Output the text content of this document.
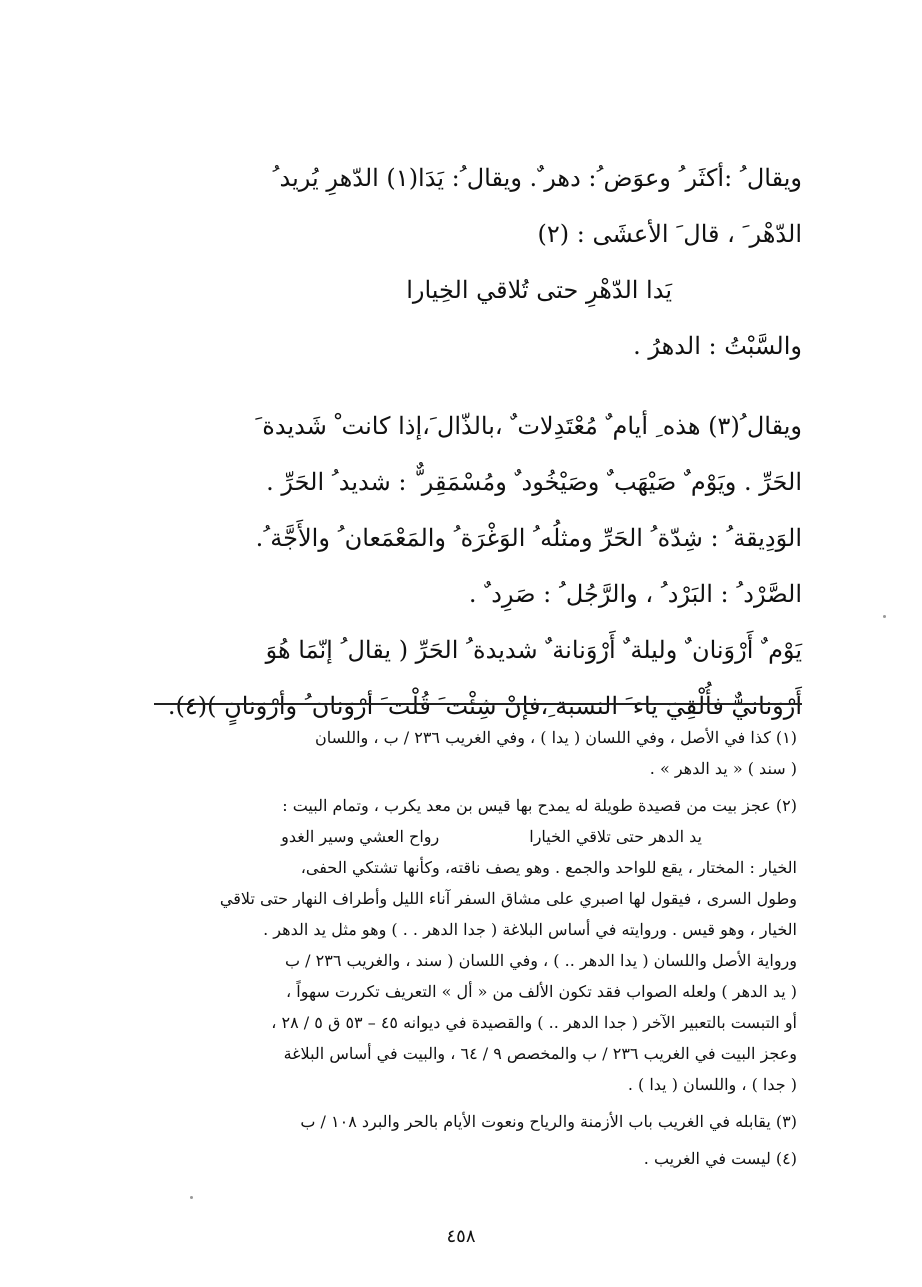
ويقال ُ :أكثَر ُ وعوَض ُ: دهر ٌ. ويقال ُ: يَدَا(١) الدّهرِ يُريد ُ
الدّهْر َ ، قال َ الأعشَى : (٢)
يَدا الدّهْرِ حتى تُلاقي الخِيارا
والسَّبْتُ : الدهرُ .
ويقال ُ(٣) هذه ِ أيام ٌ مُعْتَدِلات ٌ ،بالذّال َ،إذا كانت ْ شَديدة َ
الحَرِّ . ويَوْم ٌ صَيْهَب ٌ وصَيْخُود ٌ ومُسْمَقِر ٌّ : شديد ُ الحَرِّ .
الوَدِيقة ُ : شِدّة ُ الحَرِّ ومثلُه ُ الوَغْرَة ُ والمَعْمَعان ُ والأَجَّة ُ.
الصَّرْد ُ : البَرْد ُ ، والرَّجُل ُ : صَرِد ٌ .
يَوْم ٌ أَرْوَنان ٌ وليلة ٌ أَرْوَنانة ٌ شديدة ُ الحَرِّ ( يقال ُ إنّمَا هُوَ
أَرْوَنانيٌّ فأُلْقِيَ ياء َ النسبة ِ،فإنْ شِئْت َ قُلْت َ أرْوَنان ُ وأرْوَنانٍ )(٤).
(١) كذا في الأصل ، وفي اللسان ( يدا ) ، وفي الغريب ٢٣٦ / ب ، واللسان
( سند ) « يد الدهر » .
(٢) عجز بيت من قصيدة طويلة له يمدح بها قيس بن معد يكرب ، وتمام البيت :
يد الدهر حتى تلاقي الخيارا
رواح العشي وسير الغدو
الخيار : المختار ، يقع للواحد والجمع . وهو يصف ناقته، وكأنها تشتكي الحفى،
وطول السرى ، فيقول لها اصبري على مشاق السفر آناء الليل وأطراف النهار حتى تلاقي
الخيار ، وهو قيس . وروايته في أساس البلاغة ( جدا الدهر . . ) وهو مثل يد الدهر .
ورواية الأصل واللسان ( يدا الدهر .. ) ، وفي اللسان ( سند ، والغريب ٢٣٦ / ب
( يد الدهر ) ولعله الصواب فقد تكون الألف من « أل » التعريف تكررت سهواً ،
أو التبست بالتعبير الآخر ( جدا الدهر .. ) والقصيدة في ديوانه ٤٥ – ٥٣ ق ٥ / ٢٨ ،
وعجز البيت في الغريب ٢٣٦ / ب والمخصص ٩ / ٦٤ ، والبيت في أساس البلاغة
( جدا ) ، واللسان ( يدا ) .
(٣) يقابله في الغريب باب الأزمنة والرياح ونعوت الأيام بالحر والبرد ١٠٨ / ب
(٤) ليست في الغريب .
٤٥٨
